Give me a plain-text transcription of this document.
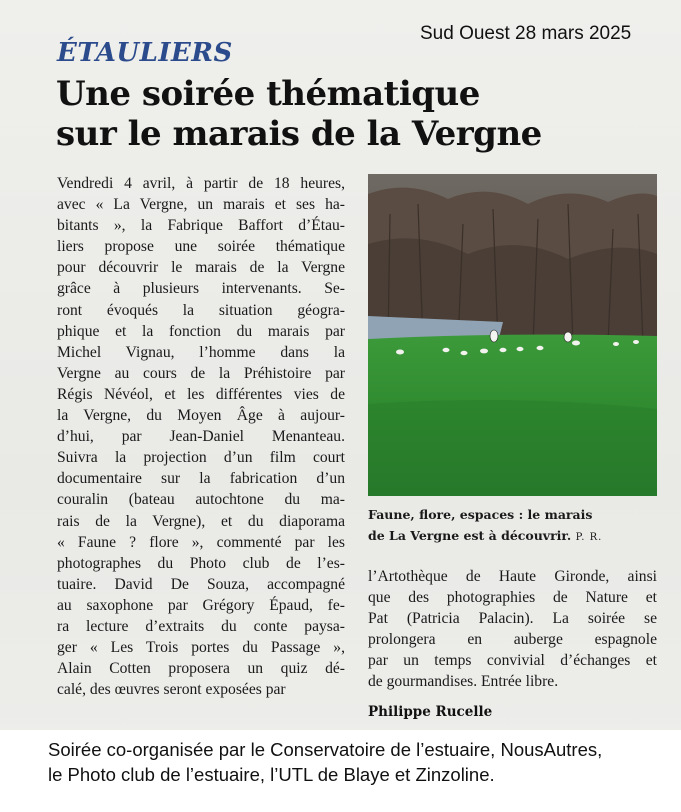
Sud Ouest 28 mars 2025
ÉTAULIERS
Une soirée thématique
sur le marais de la Vergne
Vendredi 4 avril, à partir de 18 heures,
avec « La Vergne, un marais et ses ha-
bitants », la Fabrique Baffort d’Étau-
liers propose une soirée thématique
pour découvrir le marais de la Vergne
grâce à plusieurs intervenants. Se-
ront évoqués la situation géogra-
phique et la fonction du marais par
Michel Vignau, l’homme dans la
Vergne au cours de la Préhistoire par
Régis Névéol, et les différentes vies de
la Vergne, du Moyen Âge à aujour-
d’hui, par Jean-Daniel Menanteau.
Suivra la projection d’un film court
documentaire sur la fabrication d’un
couralin (bateau autochtone du ma-
rais de la Vergne), et du diaporama
« Faune ? flore », commenté par les
photographes du Photo club de l’es-
tuaire. David De Souza, accompagné
au saxophone par Grégory Épaud, fe-
ra lecture d’extraits du conte paysa-
ger « Les Trois portes du Passage »,
Alain Cotten proposera un quiz dé-
calé, des œuvres seront exposées par
Faune, flore, espaces : le marais
de La Vergne est à découvrir. P. R.
l’Artothèque de Haute Gironde, ainsi
que des photographies de Nature et
Pat (Patricia Palacin). La soirée se
prolongera en auberge espagnole
par un temps convivial d’échanges et
de gourmandises. Entrée libre.
Philippe Rucelle
Soirée co-organisée par le Conservatoire de l’estuaire, NousAutres,
le Photo club de l’estuaire, l’UTL de Blaye et Zinzoline.
